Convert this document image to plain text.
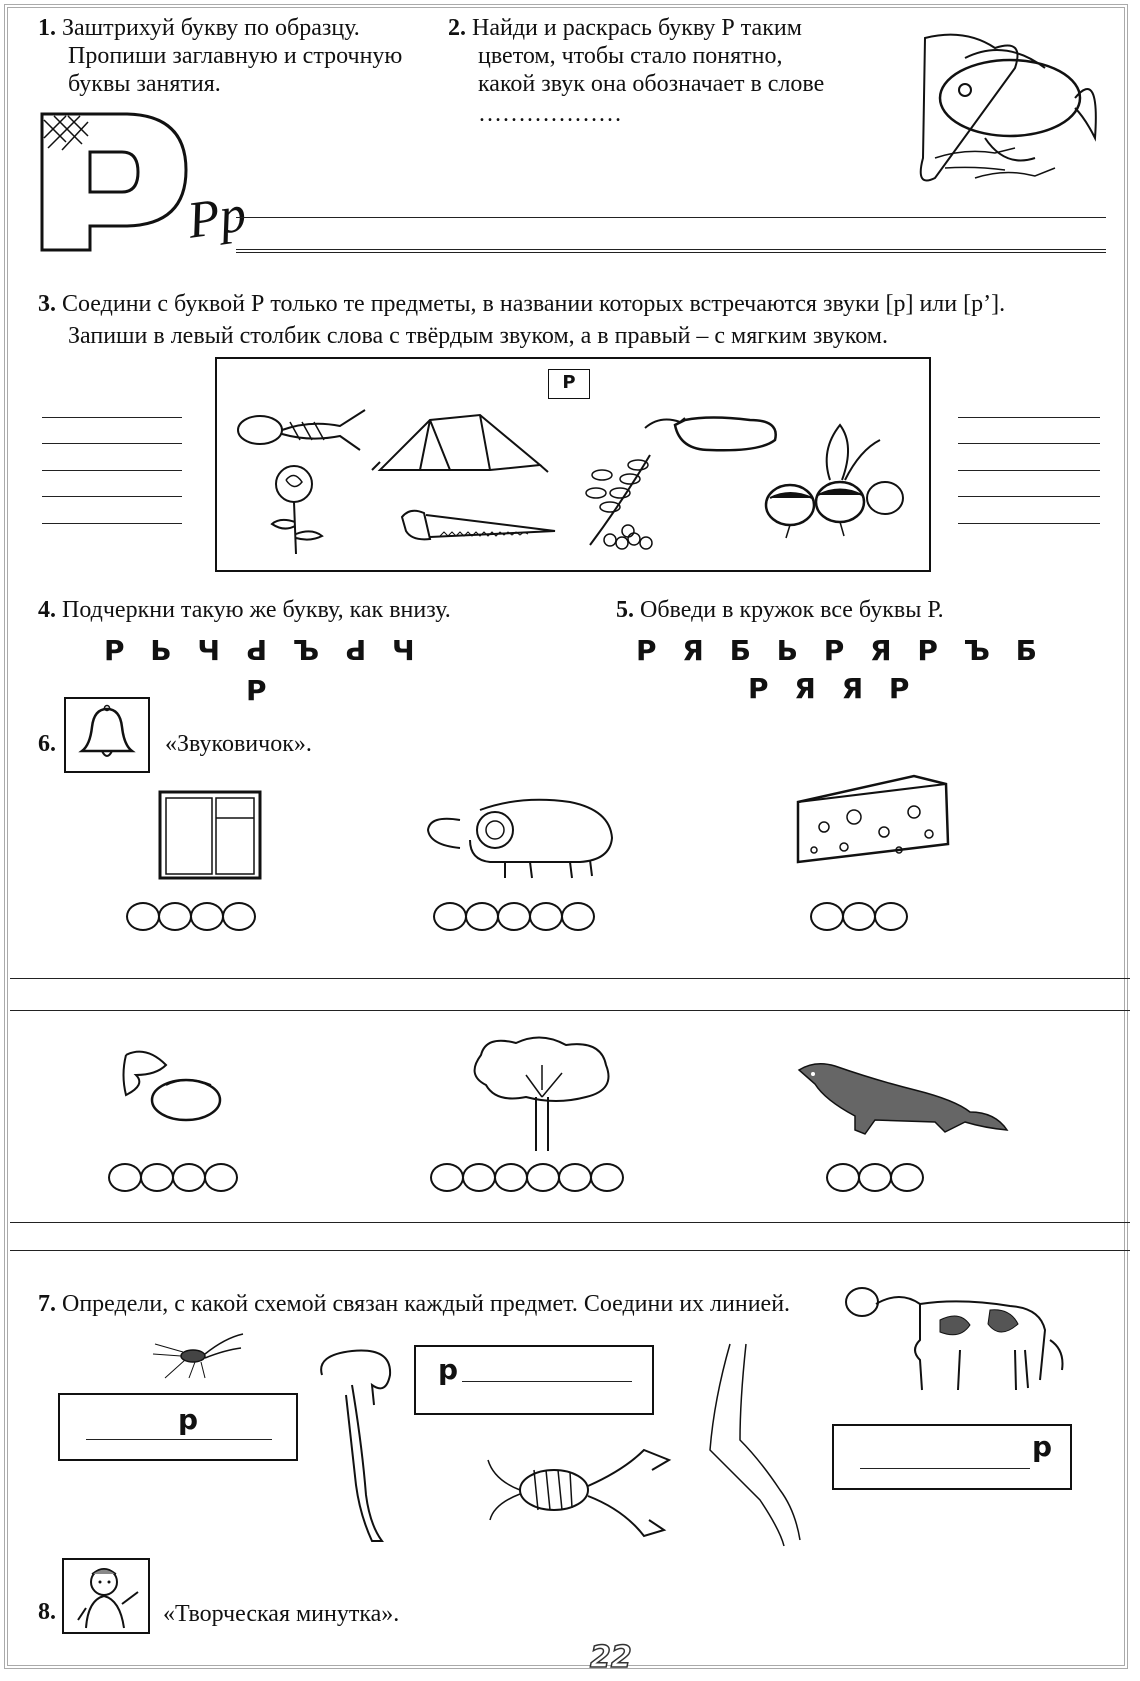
1. Заштрихуй букву по образцу.
Пропиши заглавную и строчную
буквы занятия.
Рр
2. Найди и раскрась букву Р таким
цветом, чтобы стало понятно,
какой звук она обозначает в слове
………………
3. Соедини с буквой Р только те предметы, в названии которых встречаются звуки [р] или [р’].
Запиши в левый столбик слова с твёрдым звуком, а в правый – с мягким звуком.
Р
4. Подчеркни такую же букву, как внизу.
Р Ь Ч Ԁ Ъ Ԁ Ч
Р
5. Обведи в кружок все буквы Р.
Р Я Б Ь Р Я Р Ъ Б
Р Я Я Р
6.	«Звуковичок».
7. Определи, с какой схемой связан каждый предмет. Соедини их линией.
р
р
р
8.	«Творческая минутка».
22
